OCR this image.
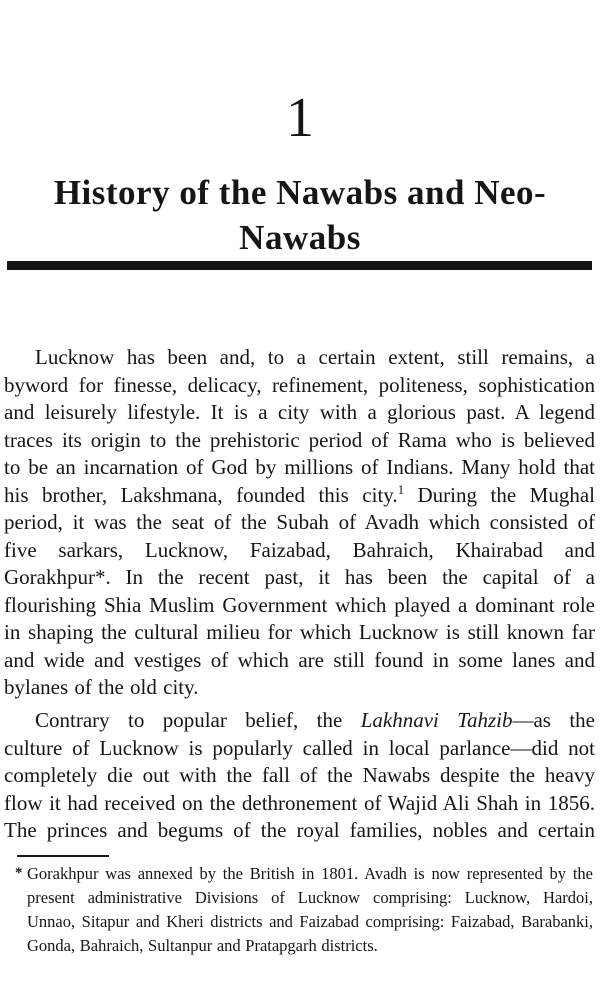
1
History of the Nawabs and Neo-
Nawabs
Lucknow has been and, to a certain extent, still remains, a
byword for finesse, delicacy, refinement, politeness, sophistication
and leisurely lifestyle. It is a city with a glorious past. A legend
traces its origin to the prehistoric period of Rama who is believed
to be an incarnation of God by millions of Indians. Many hold that
his brother, Lakshmana, founded this city.$^1$ During the Mughal
period, it was the seat of the Subah of Avadh which consisted of
five sarkars, Lucknow, Faizabad, Bahraich, Khairabad and
Gorakhpur*. In the recent past, it has been the capital of a
flourishing Shia Muslim Government which played a dominant role
in shaping the cultural milieu for which Lucknow is still known far
and wide and vestiges of which are still found in some lanes and
bylanes of the old city.
Contrary to popular belief, the Lakhnavi Tahzib—as the
culture of Lucknow is popularly called in local parlance—did not
completely die out with the fall of the Nawabs despite the heavy
flow it had received on the dethronement of Wajid Ali Shah in 1856.
The princes and begums of the royal families, nobles and certain
* Gorakhpur was annexed by the British in 1801. Avadh is now represented by the
present administrative Divisions of Lucknow comprising: Lucknow, Hardoi,
Unnao, Sitapur and Kheri districts and Faizabad comprising: Faizabad, Barabanki,
Gonda, Bahraich, Sultanpur and Pratapgarh districts.
